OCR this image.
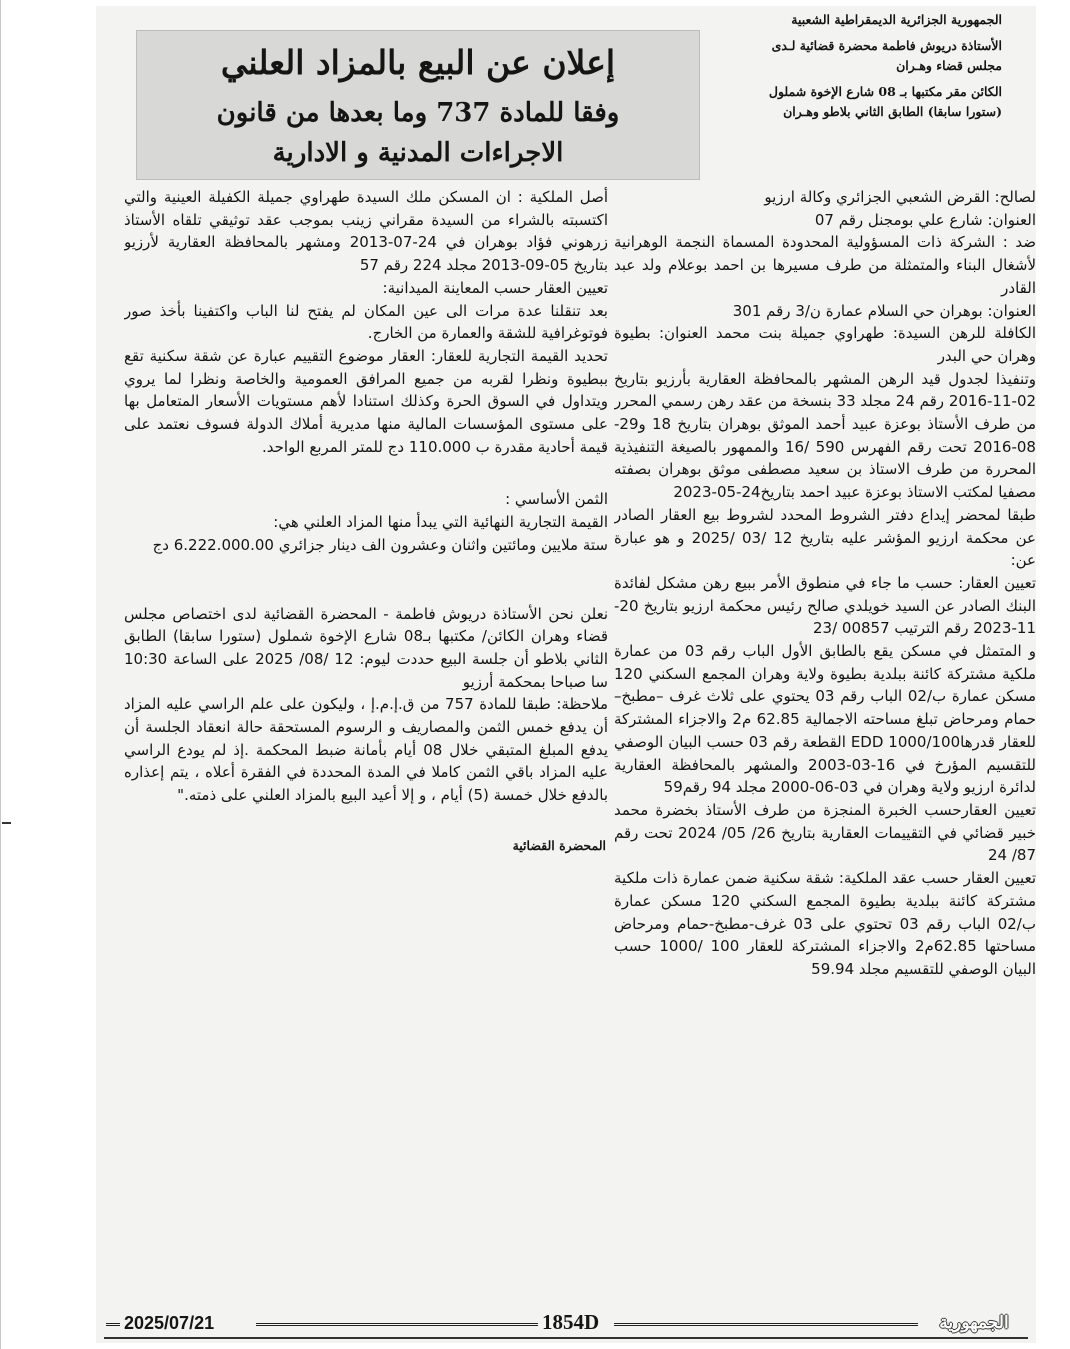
الجمهورية الجزائرية الديمقراطية الشعبية
الأستاذة دريوش فاطمة محضرة قضائية لـدى
مجلس قضاء وهـران
الكائن مقر مكتبها بـ 08 شارع الإخوة شملول
(ستورا سابقا) الطابق الثاني بلاطو وهـران
إعلان عن البيع بالمزاد العلني
وفقا للمادة 737 وما بعدها من قانون
الاجراءات المدنية و الادارية

لصالح: القرض الشعبي الجزائري وكالة ارزيو

العنوان: شارع علي بومجنل رقم 07

ضد : الشركة ذات المسؤولية المحدودة المسماة النجمة الوهرانية لأشغال البناء والمتمثلة من طرف مسيرها بن احمد بوعلام ولد عبد القادر

العنوان: بوهران حي السلام عمارة ن/3 رقم 301

الكافلة للرهن السيدة: طهراوي جميلة بنت محمد العنوان: بطيوة وهران حي البدر

وتنفيذا لجدول قيد الرهن المشهر بالمحافظة العقارية بأرزيو بتاريخ 02-11-2016 رقم 24 مجلد 33 بنسخة من عقد رهن رسمي المحرر من طرف الأستاذ بوعزة عبيد أحمد الموثق بوهران بتاريخ 18 و29-08-2016 تحت رقم الفهرس 590 /16 والممهور بالصيغة التنفيذية المحررة من طرف الاستاذ بن سعيد مصطفى موثق بوهران بصفته مصفيا لمكتب الاستاذ بوعزة عبيد احمد بتاريخ24-05-2023

طبقا لمحضر إيداع دفتر الشروط المحدد لشروط بيع العقار الصادر عن محكمة ارزيو المؤشر عليه بتاريخ 12 /03 /2025 و هو عبارة عن:

تعيين العقار: حسب ما جاء في منطوق الأمر ببيع رهن مشكل لفائدة البنك الصادر عن السيد خويلدي صالح رئيس محكمة ارزيو بتاريخ 20-11-2023 رقم الترتيب 00857 /23

و المتمثل في مسكن يقع بالطابق الأول الباب رقم 03 من عمارة ملكية مشتركة كائنة ببلدية بطيوة ولاية وهران المجمع السكني 120 مسكن عمارة ب/02 الباب رقم 03 يحتوي على ثلاث غرف –مطبخ–حمام ومرحاض تبلغ مساحته الاجمالية 62.85 م2 والاجزاء المشتركة للعقار قدرها1000/100 EDD القطعة رقم 03 حسب البيان الوصفي للتقسيم المؤرخ في 16-03-2003 والمشهر بالمحافظة العقارية لدائرة ارزيو ولاية وهران في 03-06-2000 مجلد 94 رقم59

تعيين العقارحسب الخبرة المنجزة من طرف الأستاذ بخضرة محمد خبير قضائي في التقييمات العقارية بتاريخ 26/ 05/ 2024 تحت رقم 87/ 24

تعيين العقار حسب عقد الملكية: شقة سكنية ضمن عمارة ذات ملكية مشتركة كائنة ببلدية بطيوة المجمع السكني 120 مسكن عمارة ب/02 الباب رقم 03 تحتوي على 03 غرف-مطبخ-حمام ومرحاض مساحتها 62.85م2 والاجزاء المشتركة للعقار 100 /1000 حسب البيان الوصفي للتقسيم مجلد 59.94

أصل الملكية : ان المسكن ملك السيدة طهراوي جميلة الكفيلة العينية والتي اكتسبته بالشراء من السيدة مقراني زينب بموجب عقد توثيقي تلقاه الأستاذ زرهوني فؤاد بوهران في 24-07-2013 ومشهر بالمحافظة العقارية لأرزيو بتاريخ 05-09-2013 مجلد 224 رقم 57

تعيين العقار حسب المعاينة الميدانية:

بعد تنقلنا عدة مرات الى عين المكان لم يفتح لنا الباب واكتفينا بأخذ صور فوتوغرافية للشقة والعمارة من الخارج.

تحديد القيمة التجارية للعقار: العقار موضوع التقييم عبارة عن شقة سكنية تقع ببطيوة ونظرا لقربه من جميع المرافق العمومية والخاصة ونظرا لما يروي ويتداول في السوق الحرة وكذلك استنادا لأهم مستويات الأسعار المتعامل بها على مستوى المؤسسات المالية منها مديرية أملاك الدولة فسوف نعتمد على قيمة أحادية مقدرة ب 110.000 دج للمتر المربع الواحد.

الثمن الأساسي :

القيمة التجارية النهائية التي يبدأ منها المزاد العلني هي:

ستة ملايين ومائتين واثنان وعشرون الف دينار جزائري 6.222.000.00 دج

نعلن نحن الأستاذة دريوش فاطمة - المحضرة القضائية لدى اختصاص مجلس قضاء وهران الكائن/ مكتبها بـ08 شارع الإخوة شملول (ستورا سابقا) الطابق الثاني بلاطو أن جلسة البيع حددت ليوم: 12 /08/ 2025 على الساعة 10:30 سا صباحا بمحكمة أرزيو

ملاحظة: طبقا للمادة 757 من ق.إ.م.إ ، وليكون على علم الراسي عليه المزاد أن يدفع خمس الثمن والمصاريف و الرسوم المستحقة حالة انعقاد الجلسة أن يدفع المبلغ المتبقي خلال 08 أيام بأمانة ضبط المحكمة .إذ لم يودع الراسي عليه المزاد باقي الثمن كاملا في المدة المحددة في الفقرة أعلاه ، يتم إعذاره بالدفع خلال خمسة (5) أيام ، و إلا أعيد البيع بالمزاد العلني على ذمته."

المحضرة القضائية
2025/07/21	1854D	الجمهورية
